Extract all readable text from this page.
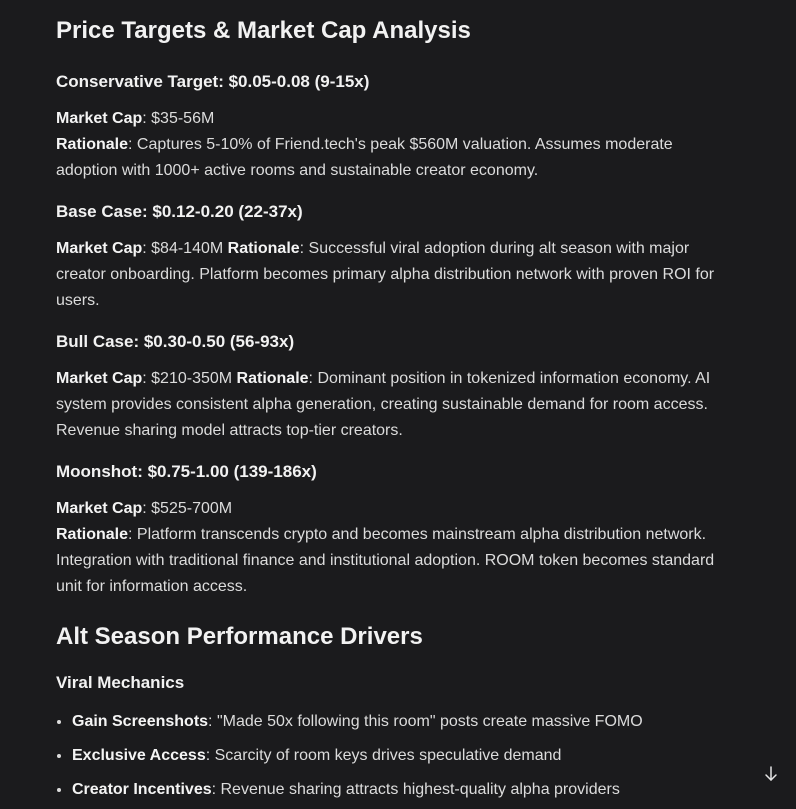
Price Targets & Market Cap Analysis
Conservative Target: $0.05-0.08 (9-15x)

Market Cap: $35-56M

Rationale: Captures 5-10% of Friend.tech's peak $560M valuation. Assumes moderate adoption with 1000+ active rooms and sustainable creator economy.

Base Case: $0.12-0.20 (22-37x)

Market Cap: $84-140M Rationale: Successful viral adoption during alt season with major creator onboarding. Platform becomes primary alpha distribution network with proven ROI for users.

Bull Case: $0.30-0.50 (56-93x)

Market Cap: $210-350M Rationale: Dominant position in tokenized information economy. AI system provides consistent alpha generation, creating sustainable demand for room access. Revenue sharing model attracts top-tier creators.

Moonshot: $0.75-1.00 (139-186x)

Market Cap: $525-700M

Rationale: Platform transcends crypto and becomes mainstream alpha distribution network. Integration with traditional finance and institutional adoption. ROOM token becomes standard unit for information access.

Alt Season Performance Drivers
Viral Mechanics
• Gain Screenshots: "Made 50x following this room" posts create massive FOMO
• Exclusive Access: Scarcity of room keys drives speculative demand
• Creator Incentives: Revenue sharing attracts highest-quality alpha providers
